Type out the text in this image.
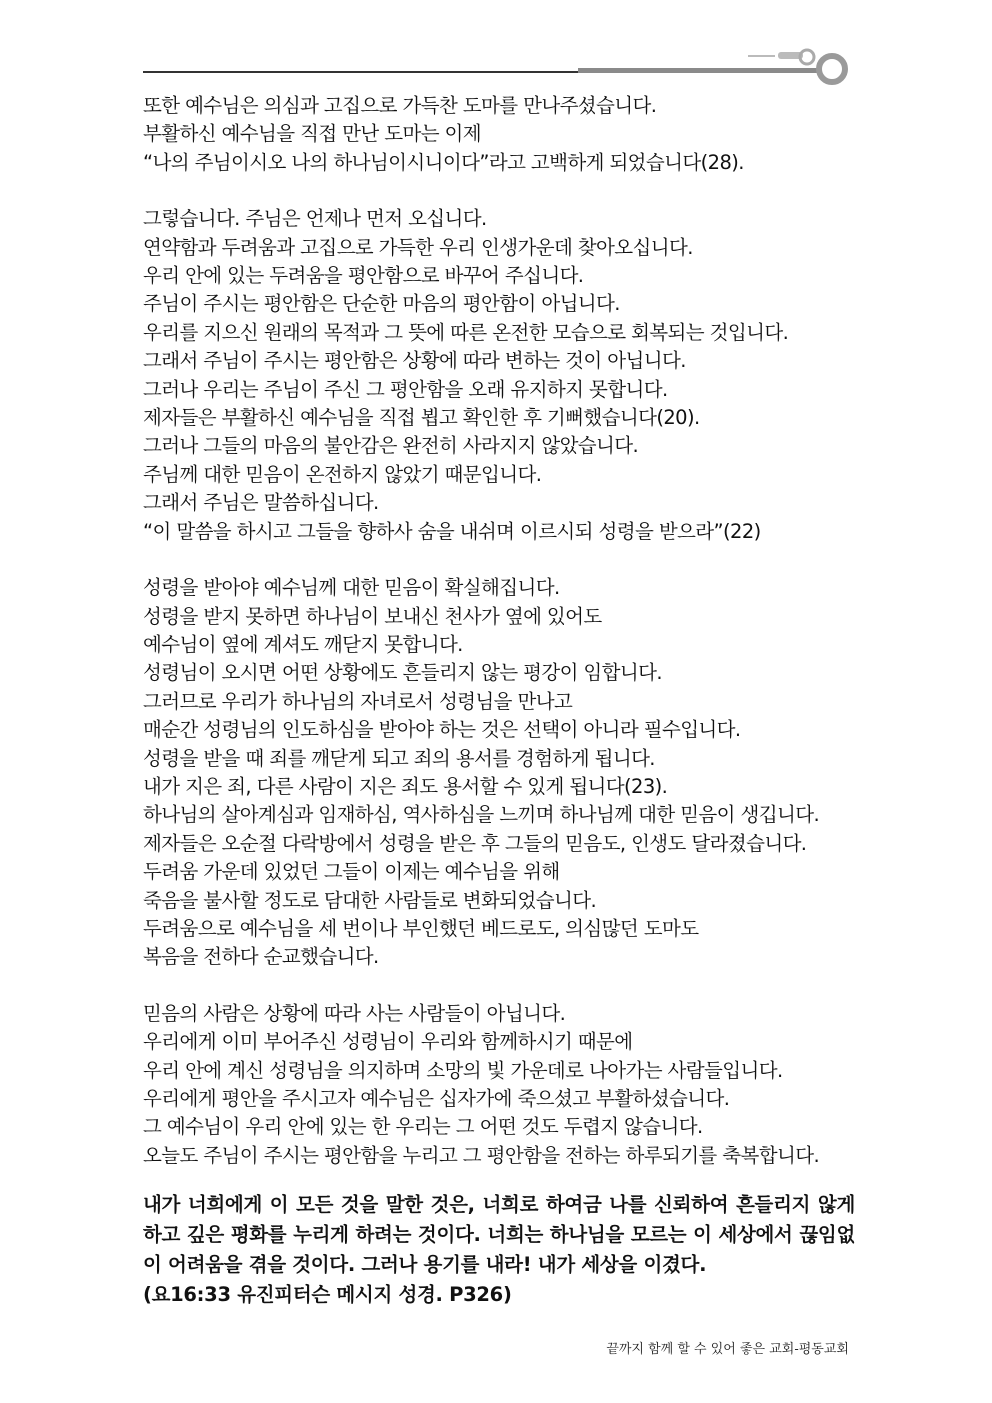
또한 예수님은 의심과 고집으로 가득찬 도마를 만나주셨습니다.
부활하신 예수님을 직접 만난 도마는 이제
“나의 주님이시오 나의 하나님이시니이다”라고 고백하게 되었습니다(28).
그렇습니다. 주님은 언제나 먼저 오십니다.
연약함과 두려움과 고집으로 가득한 우리 인생가운데 찾아오십니다.
우리 안에 있는 두려움을 평안함으로 바꾸어 주십니다.
주님이 주시는 평안함은 단순한 마음의 평안함이 아닙니다.
우리를 지으신 원래의 목적과 그 뜻에 따른 온전한 모습으로 회복되는 것입니다.
그래서 주님이 주시는 평안함은 상황에 따라 변하는 것이 아닙니다.
그러나 우리는 주님이 주신 그 평안함을 오래 유지하지 못합니다.
제자들은 부활하신 예수님을 직접 뵙고 확인한 후 기뻐했습니다(20).
그러나 그들의 마음의 불안감은 완전히 사라지지 않았습니다.
주님께 대한 믿음이 온전하지 않았기 때문입니다.
그래서 주님은 말씀하십니다.
“이 말씀을 하시고 그들을 향하사 숨을 내쉬며 이르시되 성령을 받으라”(22)
성령을 받아야 예수님께 대한 믿음이 확실해집니다.
성령을 받지 못하면 하나님이 보내신 천사가 옆에 있어도
예수님이 옆에 계셔도 깨닫지 못합니다.
성령님이 오시면 어떤 상황에도 흔들리지 않는 평강이 임합니다.
그러므로 우리가 하나님의 자녀로서 성령님을 만나고
매순간 성령님의 인도하심을 받아야 하는 것은 선택이 아니라 필수입니다.
성령을 받을 때 죄를 깨닫게 되고 죄의 용서를 경험하게 됩니다.
내가 지은 죄, 다른 사람이 지은 죄도 용서할 수 있게 됩니다(23).
하나님의 살아계심과 임재하심, 역사하심을 느끼며 하나님께 대한 믿음이 생깁니다.
제자들은 오순절 다락방에서 성령을 받은 후 그들의 믿음도, 인생도 달라졌습니다.
두려움 가운데 있었던 그들이 이제는 예수님을 위해
죽음을 불사할 정도로 담대한 사람들로 변화되었습니다.
두려움으로 예수님을 세 번이나 부인했던 베드로도, 의심많던 도마도
복음을 전하다 순교했습니다.
믿음의 사람은 상황에 따라 사는 사람들이 아닙니다.
우리에게 이미 부어주신 성령님이 우리와 함께하시기 때문에
우리 안에 계신 성령님을 의지하며 소망의 빛 가운데로 나아가는 사람들입니다.
우리에게 평안을 주시고자 예수님은 십자가에 죽으셨고 부활하셨습니다.
그 예수님이 우리 안에 있는 한 우리는 그 어떤 것도 두렵지 않습니다.
오늘도 주님이 주시는 평안함을 누리고 그 평안함을 전하는 하루되기를 축복합니다.
내가 너희에게 이 모든 것을 말한 것은, 너희로 하여금 나를 신뢰하여 흔들리지 않게 하고 깊은 평화를 누리게 하려는 것이다. 너희는 하나님을 모르는 이 세상에서 끊임없이 어려움을 겪을 것이다. 그러나 용기를 내라! 내가 세상을 이겼다.
(요16:33 유진피터슨 메시지 성경. P326)
끝까지 함께 할 수 있어 좋은 교회-평동교회
